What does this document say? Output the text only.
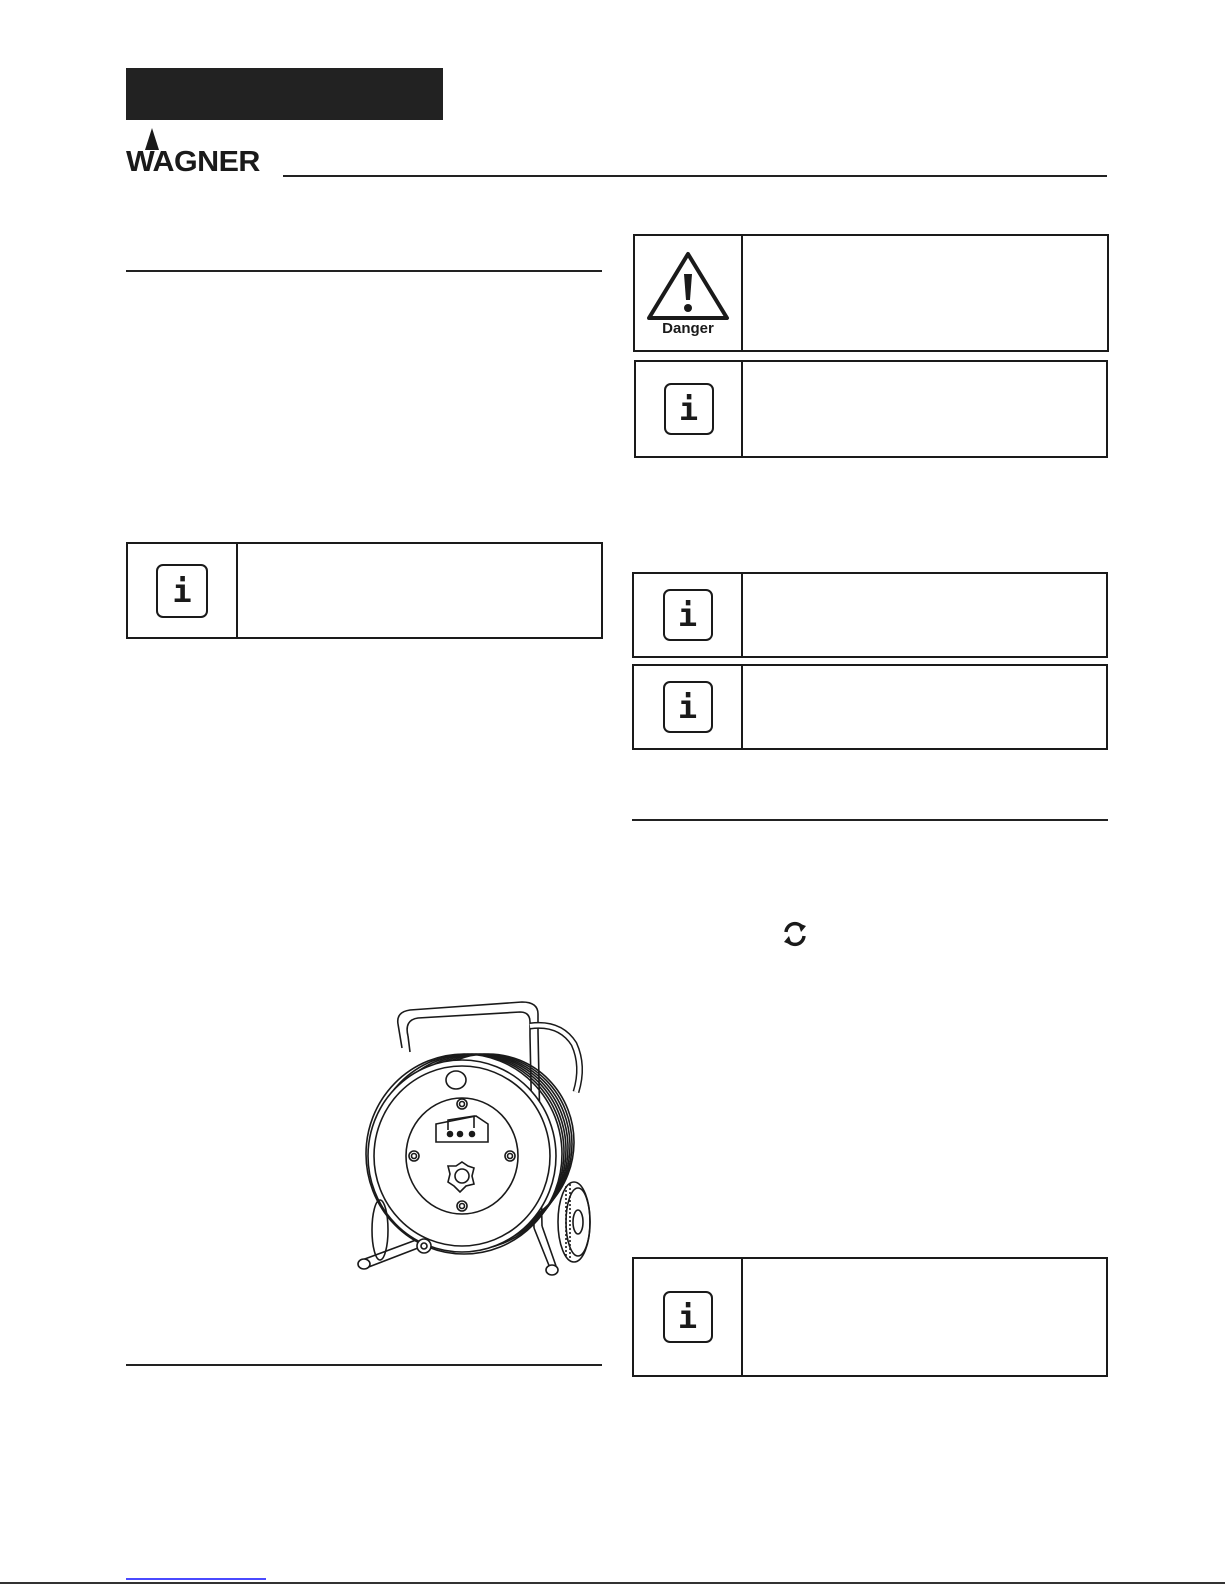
WAGNER
Danger
i
i
i
i
i
